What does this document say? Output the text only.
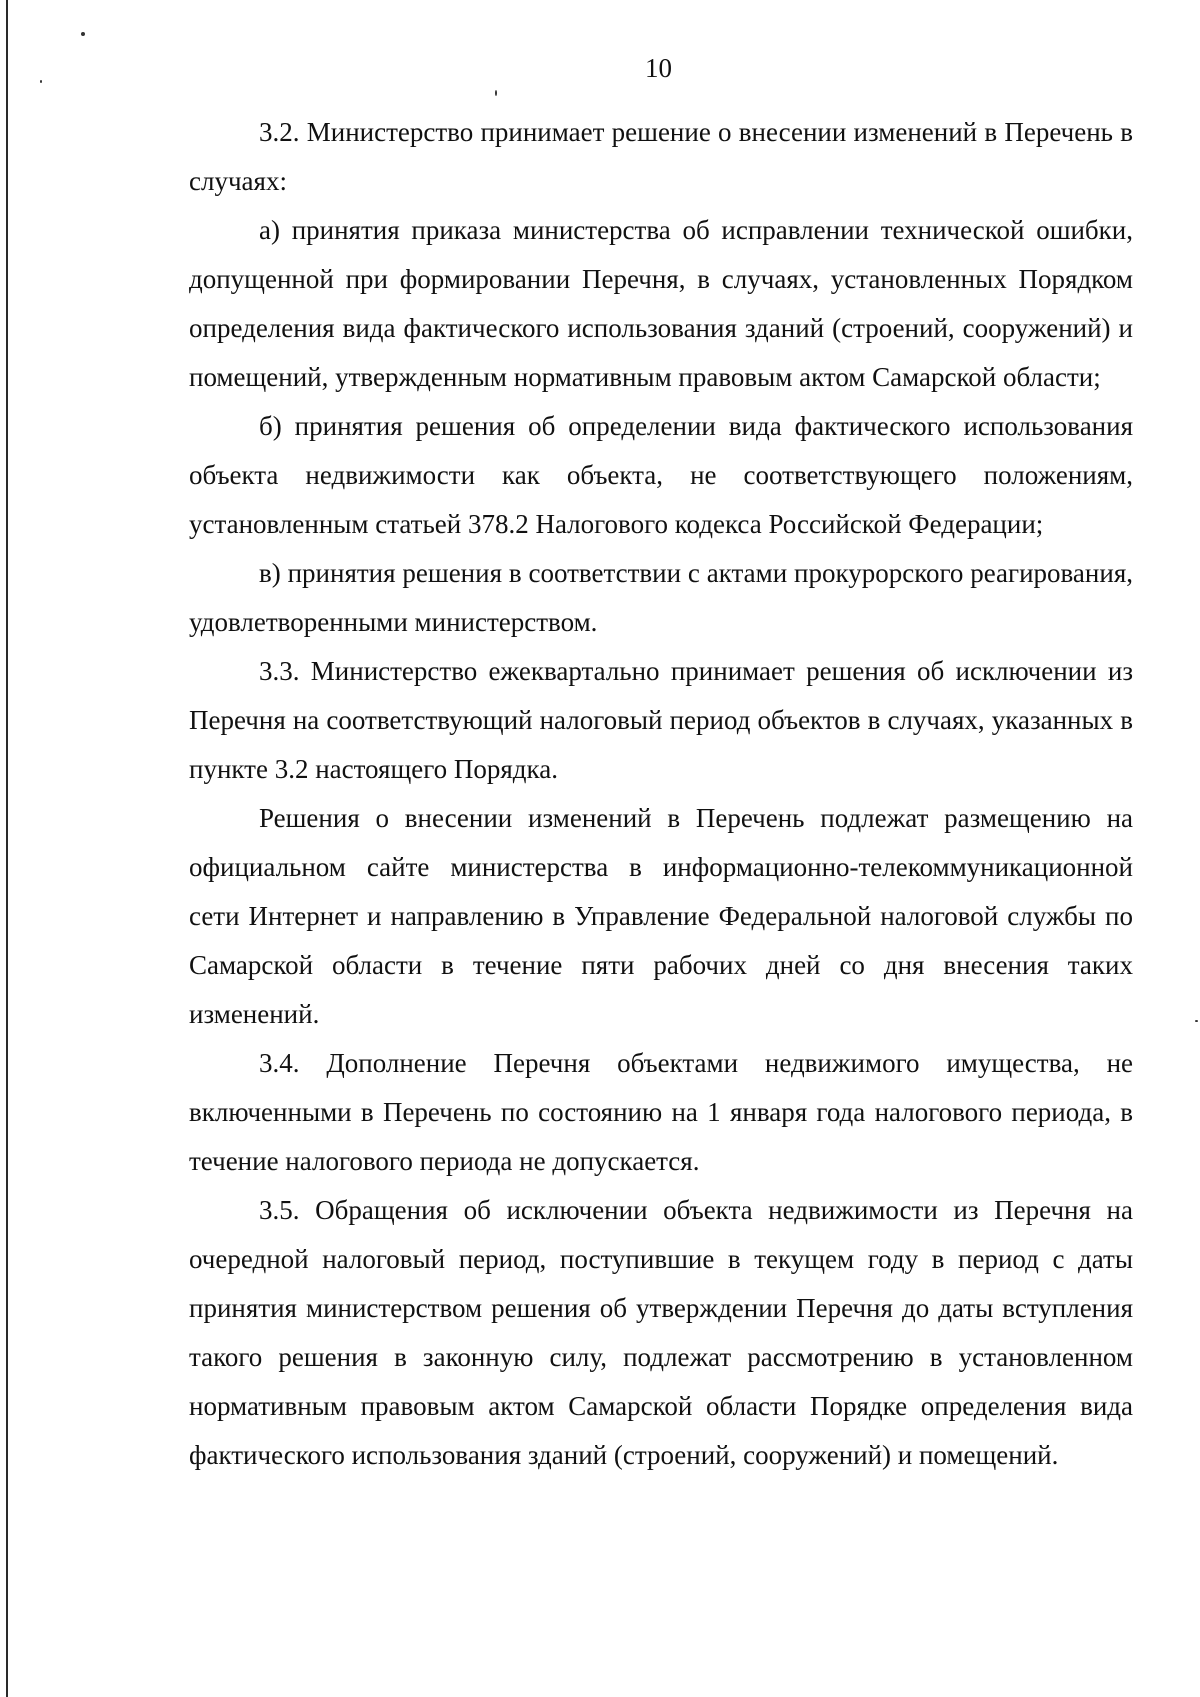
10

3.2. Министерство принимает решение о внесении изменений в Перечень в случаях:

а) принятия приказа министерства об исправлении технической ошибки, допущенной при формировании Перечня, в случаях, установленных Порядком определения вида фактического использования зданий (строений, сооружений) и помещений, утвержденным нормативным правовым актом Самарской области;

б) принятия решения об определении вида фактического использования объекта недвижимости как объекта, не соответствующего положениям, установленным статьей 378.2 Налогового кодекса Российской Федерации;

в) принятия решения в соответствии с актами прокурорского реагирования, удовлетворенными министерством.

3.3. Министерство ежеквартально принимает решения об исключении из Перечня на соответствующий налоговый период объектов в случаях, указанных в пункте 3.2 настоящего Порядка.

Решения о внесении изменений в Перечень подлежат размещению на официальном сайте министерства в информационно-телекоммуникационной сети Интернет и направлению в Управление Федеральной налоговой службы по Самарской области в течение пяти рабочих дней со дня внесения таких изменений.

3.4. Дополнение Перечня объектами недвижимого имущества, не включенными в Перечень по состоянию на 1 января года налогового периода, в течение налогового периода не допускается.

3.5. Обращения об исключении объекта недвижимости из Перечня на очередной налоговый период, поступившие в текущем году в период с даты принятия министерством решения об утверждении Перечня до даты вступления такого решения в законную силу, подлежат рассмотрению в установленном нормативным правовым актом Самарской области Порядке определения вида фактического использования зданий (строений, сооружений) и помещений.
